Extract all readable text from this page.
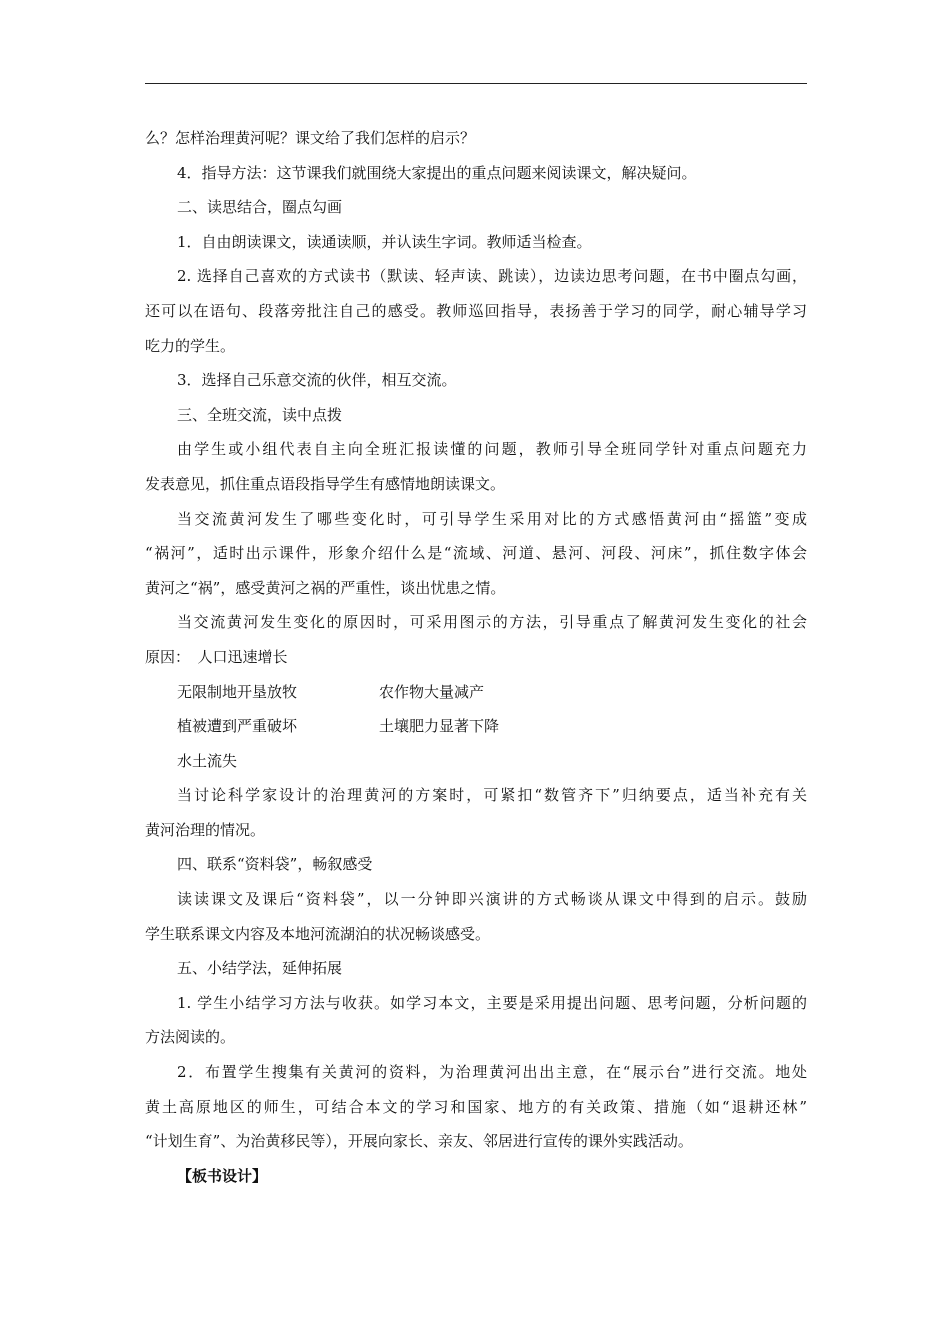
么？怎样治理黄河呢？课文给了我们怎样的启示？
4．指导方法：这节课我们就围绕大家提出的重点问题来阅读课文，解决疑问。
二、读思结合，圈点勾画
1．自由朗读课文，读通读顺，并认读生字词。教师适当检查。
2. 选择自己喜欢的方式读书（默读、轻声读、跳读），边读边思考问题，在书中圈点勾画，
还可以在语句、段落旁批注自己的感受。教师巡回指导，表扬善于学习的同学，耐心辅导学习
吃力的学生。
3．选择自己乐意交流的伙伴，相互交流。
三、全班交流，读中点拨
由学生或小组代表自主向全班汇报读懂的问题，教师引导全班同学针对重点问题充力
发表意见，抓住重点语段指导学生有感情地朗读课文。
当交流黄河发生了哪些变化时，可引导学生采用对比的方式感悟黄河由“摇篮”变成
“祸河”，适时出示课件，形象介绍什么是“流域、河道、悬河、河段、河床”，抓住数字体会
黄河之“祸”，感受黄河之祸的严重性，谈出忧患之情。
当交流黄河发生变化的原因时，可采用图示的方法，引导重点了解黄河发生变化的社会
原因：　人口迅速增长
无限制地开垦放牧	农作物大量减产
植被遭到严重破坏	土壤肥力显著下降
水土流失
当讨论科学家设计的治理黄河的方案时，可紧扣“数管齐下”归纳要点，适当补充有关
黄河治理的情况。
四、联系“资料袋”，畅叙感受
读读课文及课后“资料袋”，以一分钟即兴演讲的方式畅谈从课文中得到的启示。鼓励
学生联系课文内容及本地河流湖泊的状况畅谈感受。
五、小结学法，延伸拓展
1. 学生小结学习方法与收获。如学习本文，主要是采用提出问题、思考问题，分析问题的
方法阅读的。
2．布置学生搜集有关黄河的资料，为治理黄河出出主意，在“展示台”进行交流。地处
黄土高原地区的师生，可结合本文的学习和国家、地方的有关政策、措施（如“退耕还林”
“计划生育”、为治黄移民等），开展向家长、亲友、邻居进行宣传的课外实践活动。
【板书设计】
